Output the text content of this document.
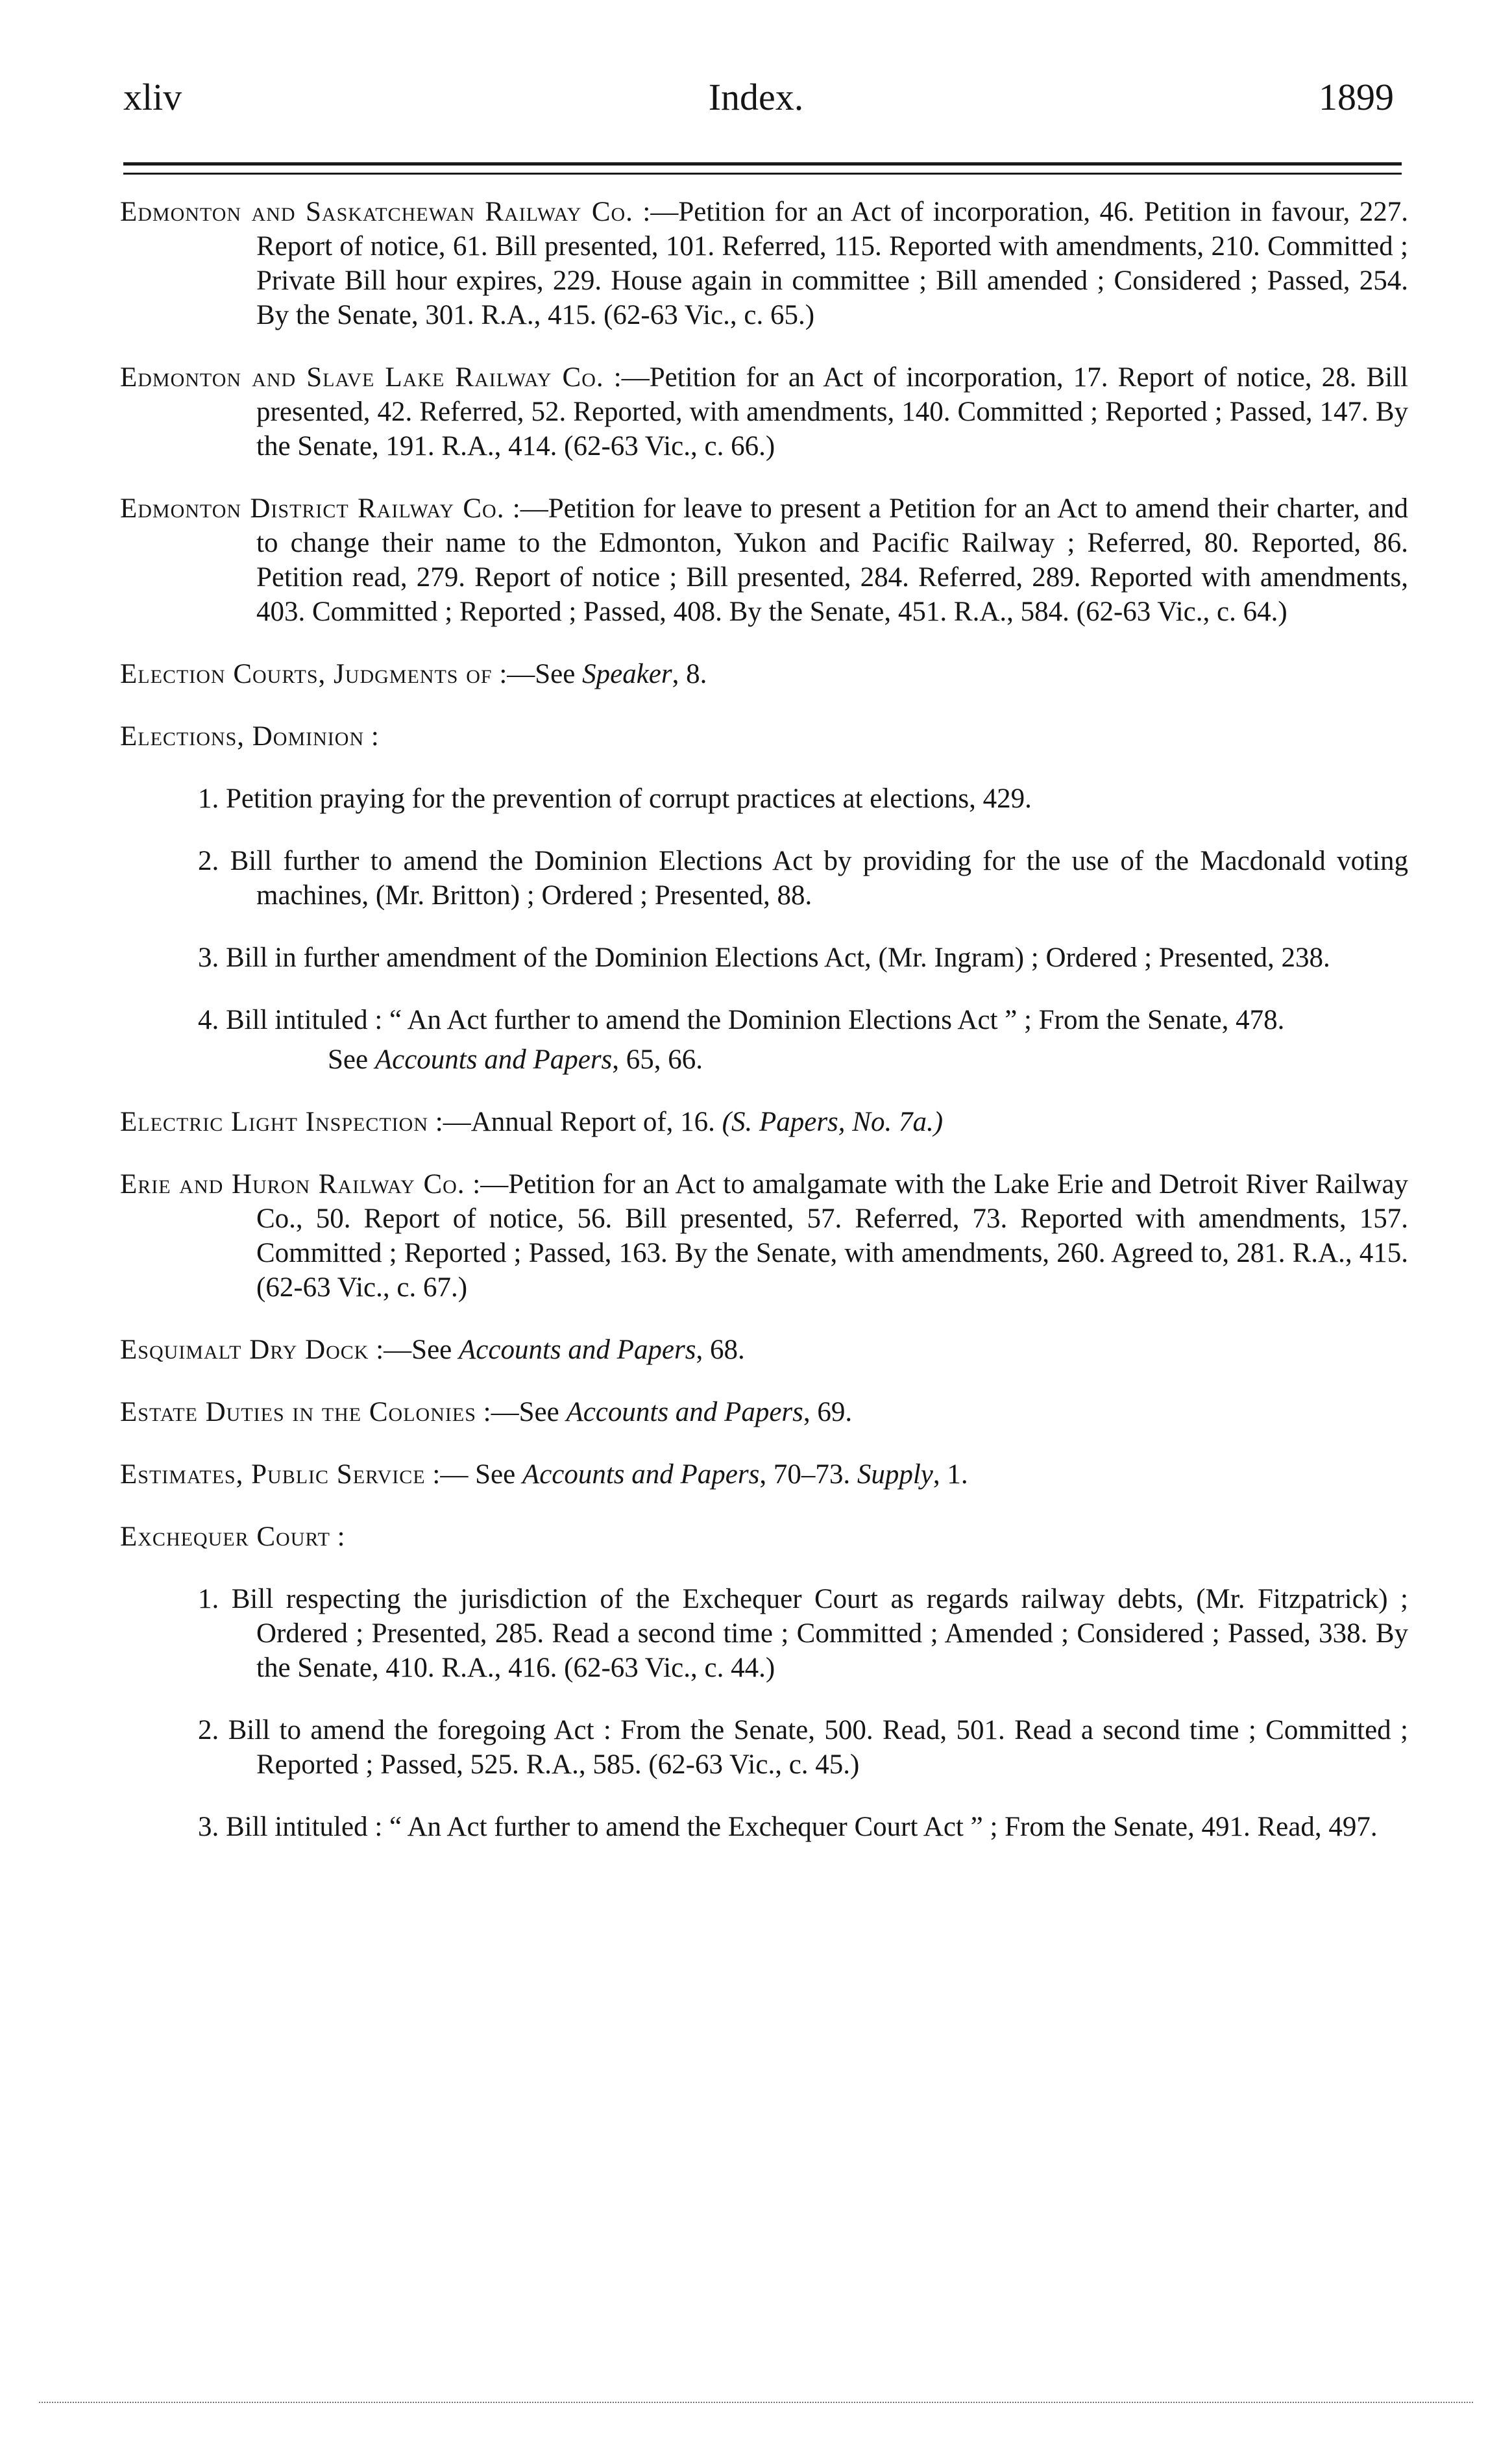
xliv	Index.	1899

Edmonton and Saskatchewan Railway Co. :—Petition for an Act of incorporation, 46. Petition in favour, 227. Report of notice, 61. Bill presented, 101. Referred, 115. Reported with amendments, 210. Committed ; Private Bill hour expires, 229. House again in committee ; Bill amended ; Considered ; Passed, 254. By the Senate, 301. R.A., 415. (62-63 Vic., c. 65.)

Edmonton and Slave Lake Railway Co. :—Petition for an Act of incorporation, 17. Report of notice, 28. Bill presented, 42. Referred, 52. Reported, with amendments, 140. Committed ; Reported ; Passed, 147. By the Senate, 191. R.A., 414. (62-63 Vic., c. 66.)

Edmonton District Railway Co. :—Petition for leave to present a Petition for an Act to amend their charter, and to change their name to the Edmonton, Yukon and Pacific Railway ; Referred, 80. Reported, 86. Petition read, 279. Report of notice ; Bill presented, 284. Referred, 289. Reported with amendments, 403. Committed ; Reported ; Passed, 408. By the Senate, 451. R.A., 584. (62-63 Vic., c. 64.)

Election Courts, Judgments of :—See Speaker, 8.

Elections, Dominion :

1. Petition praying for the prevention of corrupt practices at elections, 429.

2. Bill further to amend the Dominion Elections Act by providing for the use of the Macdonald voting machines, (Mr. Britton) ; Ordered ; Presented, 88.

3. Bill in further amendment of the Dominion Elections Act, (Mr. Ingram) ; Ordered ; Presented, 238.

4. Bill intituled : “ An Act further to amend the Dominion Elections Act ” ; From the Senate, 478.

See Accounts and Papers, 65, 66.

Electric Light Inspection :—Annual Report of, 16. (S. Papers, No. 7a.)

Erie and Huron Railway Co. :—Petition for an Act to amalgamate with the Lake Erie and Detroit River Railway Co., 50. Report of notice, 56. Bill presented, 57. Referred, 73. Reported with amendments, 157. Committed ; Reported ; Passed, 163. By the Senate, with amendments, 260. Agreed to, 281. R.A., 415. (62-63 Vic., c. 67.)

Esquimalt Dry Dock :—See Accounts and Papers, 68.

Estate Duties in the Colonies :—See Accounts and Papers, 69.

Estimates, Public Service :— See Accounts and Papers, 70–73. Supply, 1.

Exchequer Court :

1. Bill respecting the jurisdiction of the Exchequer Court as regards railway debts, (Mr. Fitzpatrick) ; Ordered ; Presented, 285. Read a second time ; Committed ; Amended ; Considered ; Passed, 338. By the Senate, 410. R.A., 416. (62-63 Vic., c. 44.)

2. Bill to amend the foregoing Act : From the Senate, 500. Read, 501. Read a second time ; Committed ; Reported ; Passed, 525. R.A., 585. (62-63 Vic., c. 45.)

3. Bill intituled : “ An Act further to amend the Exchequer Court Act ” ; From the Senate, 491. Read, 497.
